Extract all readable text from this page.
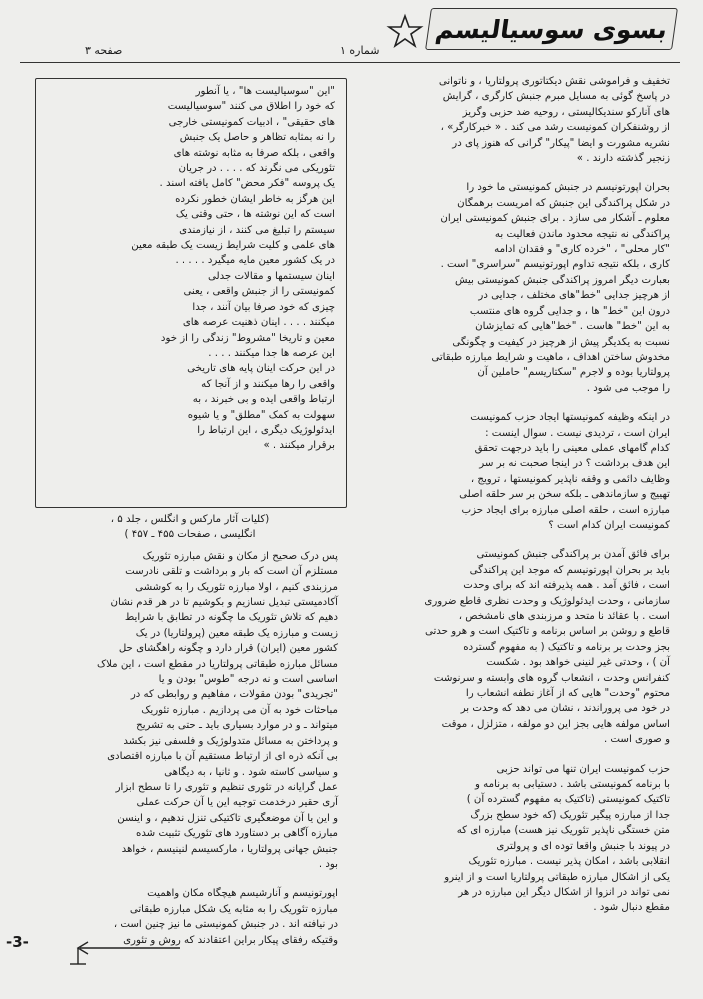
بسوی سوسیالیسم
شماره ۱
صفحه ۳

تخفیف و فراموشی نقش دیکتاتوری پرولتاریا ، و ناتوانی

در پاسخ گوئی به مسایل مبرم جنبش کارگری ، گرایش

های آنارکو سندیکالیستی ، روحیه ضد حزبی وگریز

از روشنفکران کمونیست رشد می کند . « خبرکارگر» ،

نشریه مشورت و ایضا "پیکار" گرانی که هنوز پای در

زنجیر گذشته دارند . »

بحران اپورتونیسم در جنبش کمونیستی ما خود را

در شکل پراکندگی این جنبش که امریست برهمگان

معلوم ـ آشکار می سازد . برای جنبش کمونیستی ایران

پراکندگی نه نتیجه محدود ماندن فعالیت به

"کار محلی" ، "خرده کاری" و فقدان ادامه

کاری ، بلکه نتیجه تداوم اپورتونیسم "سراسری" است .

بعبارت دیگر امروز پراکندگی جنبش کمونیستی بیش

از هرچیز جدایی "خط"های مختلف ، جدایی در

درون این "خط" ها ، و جدایی گروه های منتسب

به این "خط" هاست . "خط"هایی که تمایزشان

نسبت به یکدیگر پیش از هرچیز در کیفیت و چگونگی

مخدوش ساختن اهداف ، ماهیت و شرایط مبارزه طبقاتی

پرولتاریا بوده و لاجرم "سکتاریسم" حاملین آن

را موجب می شود .

در اینکه وظیفه کمونیستها ایجاد حزب کمونیست

ایران است ، تردیدی نیست . سوال اینست :

کدام گامهای عملی معینی را باید درجهت تحقق

این هدف برداشت ؟ در اینجا صحبت نه بر سر

وظایف دائمی و وقفه ناپذیر کمونیستها ، ترویج ،

تهییج و سازماندهی ـ بلکه سخن بر سر حلقه اصلی

مبارزه است ، حلقه اصلی مبارزه برای ایجاد حزب

کمونیست ایران کدام است ؟

برای فائق آمدن بر پراکندگی جنبش کمونیستی

باید بر بحران اپورتونیسم که موجد این پراکندگی

است ، فائق آمد . همه پذیرفته اند که برای وحدت

سازمانی ، وحدت ایدئولوژیک و وحدت نظری قاطع ضروری

است . با عقائد نا متحد و مرزبندی های نامشخص ،

قاطع و روشن بر اساس برنامه و تاکتیک است و هرو حدتی

بجز وحدت بر برنامه و تاکتیک ( به مفهوم گسترده

آن ) ، وحدتی غیر لنینی خواهد بود . شکست

کنفرانس وحدت ، انشعاب گروه های وابسته و سرنوشت

محتوم "وحدت" هایی که از آغاز نطفه انشعاب را

در خود می پروراندند ، نشان می دهد که وحدت بر

اساس مولفه هایی بجز این دو مولفه ، متزلزل ، موقت

و صوری است .

حزب کمونیست ایران تنها می تواند حزبی

با برنامه کمونیستی باشد . دستیابی به برنامه و

تاکتیک کمونیستی (تاکتیک به مفهوم گسترده آن )

جدا از مبارزه پیگیر تئوریک (که خود سطح بزرگ

متن خستگی ناپذیر تئوریک نیز هست) مبارزه ای که

در پیوند با جنبش واقعا توده ای و پرولتری

انقلابی باشد ، امکان پذیر نیست . مبارزه تئوریک

یکی از اشکال مبارزه طبقاتی پرولتاریا است و از اینرو

نمی تواند در انزوا از اشکال دیگر این مبارزه در هر

مقطع دنبال شود .

"این "سوسیالیست ها" ، یا آنطور

که خود را اطلاق می کنند "سوسیالیست

های حقیقی" ، ادبیات کمونیستی خارجی

را نه بمثابه تظاهر و حاصل یک جنبش

واقعی ، بلکه صرفا به مثابه نوشته های

تئوریکی می نگرند که . . . . در جریان

یک پروسه "فکر محض" کامل یافته اسند .

این هرگز به خاطر ایشان خطور نکرده

است که این نوشته ها ، حتی وقتی یک

سیستم را تبلیغ می کنند ، از نیازمندی

های علمی و کلیت شرایط زیست یک طبقه معین

در یک کشور معین مایه میگیرد . . . . .

اینان سیستمها و مقالات جدلی

کمونیستی را از جنبش واقعی ، یعنی

چیزی که خود صرفا بیان آنند ، جدا

میکنند . . . . اینان ذهنیت عرصه های

معین و تاریخا "مشروط" زندگی را از خود

این عرصه ها جدا میکنند . . . .

در این حرکت اینان پایه های تاریخی

واقعی را رها میکنند و از آنجا که

ارتباط واقعی ایده و بی خبرند ، به

سهولت به کمک "مطلق" و یا شیوه

ایدئولوژیک دیگری ، این ارتباط را

برقرار میکنند . »

(کلیات آثار مارکس و انگلس ، جلد ۵ ،

انگلیسی ، صفحات ۴۵۵ ـ ۴۵۷ )

پس درک صحیح از مکان و نقش مبارزه تئوریک

مستلزم آن است که بار و برداشت و تلقی نادرست

مرزبندی کنیم ، اولا مبارزه تئوریک را به کوششی

آکادمیستی تبدیل نسازیم و بکوشیم تا در هر قدم نشان

دهیم که تلاش تئوریک ما چگونه در تطابق با شرایط

زیست و مبارزه یک طبقه معین (پرولتاریا) در یک

کشور معین (ایران) قرار دارد و چگونه راهگشای حل

مسائل مبارزه طبقاتی پرولتاریا در مقطع است ، این ملاک

اساسی است و نه درجه "طوس" بودن و یا

"تجریدی" بودن مقولات ، مفاهیم و روابطی که در

مباحثات خود به آن می پردازیم . مبارزه تئوریک

میتواند ـ و در موارد بسیاری باید ـ حتی به تشریح

و پرداختن به مسائل متدولوژیک و فلسفی نیز بکشد

بی آنکه ذره ای از ارتباط مستقیم آن با مبارزه اقتصادی

و سیاسی کاسته شود . و ثانیا ، به دیگاهی

عمل گرایانه در تئوری تنظیم و تئوری را تا سطح ابزار

آری حقیر درخدمت توجیه این یا آن حرکت عملی

و این یا آن موضعگیری تاکتیکی تنزل ندهیم ، و اینسن

مبارزه آگاهی بر دستاورد های تئوریک تثبیت شده

جنبش جهانی پرولتاریا ، مارکسیسم لنینیسم ، خواهد

بود .

اپورتونیسم و آنارشیسم هیچگاه مکان واهمیت

مبارزه تئوریک را به مثابه یک شکل مبارزه طبقاتی

در نیافته اند . در جنبش کمونیستی ما نیز چنین است ،

وقتیکه رفقای پیکار براین اعتقادند که روش و تئوری

-3-
